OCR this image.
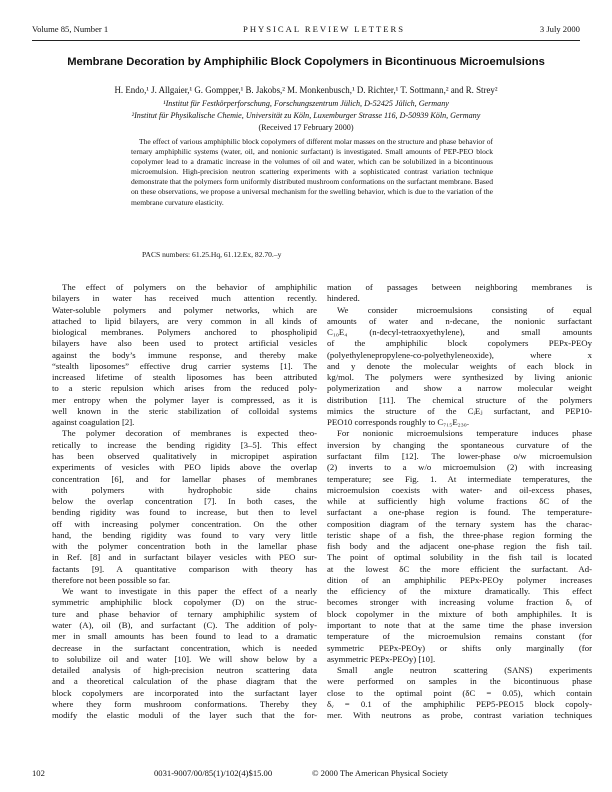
Volume 85, Number 1	PHYSICAL REVIEW LETTERS	3 July 2000
Membrane Decoration by Amphiphilic Block Copolymers in Bicontinuous Microemulsions
H. Endo,¹ J. Allgaier,¹ G. Gompper,¹ B. Jakobs,² M. Monkenbusch,¹ D. Richter,¹ T. Sottmann,² and R. Strey²
¹Institut für Festkörperforschung, Forschungszentrum Jülich, D-52425 Jülich, Germany
²Institut für Physikalische Chemie, Universität zu Köln, Luxemburger Strasse 116, D-50939 Köln, Germany
(Received 17 February 2000)
The effect of various amphiphilic block copolymers of different molar masses on the structure and phase behavior of ternary amphiphilic systems (water, oil, and nonionic surfactant) is investigated. Small amounts of PEP-PEO block copolymer lead to a dramatic increase in the volumes of oil and water, which can be solubilized in a bicontinuous microemulsion. High-precision neutron scattering experiments with a sophisticated contrast variation technique demonstrate that the polymers form uniformly distributed mushroom conformations on the surfactant membrane. Based on these observations, we propose a universal mechanism for the swelling behavior, which is due to the variation of the membrane curvature elasticity.
PACS numbers: 61.25.Hq, 61.12.Ex, 82.70.–y
The effect of polymers on the behavior of amphiphilic
bilayers in water has received much attention recently.
Water-soluble polymers and polymer networks, which are
attached to lipid bilayers, are very common in all kinds of
biological membranes. Polymers anchored to phospholipid
bilayers have also been used to protect artificial vesicles
against the body’s immune response, and thereby make
“stealth liposomes” effective drug carrier systems [1]. The
increased lifetime of stealth liposomes has been attributed
to a steric repulsion which arises from the reduced poly-
mer entropy when the polymer layer is compressed, as it is
well known in the steric stabilization of colloidal systems
against coagulation [2].
The polymer decoration of membranes is expected theo-
retically to increase the bending rigidity [3–5]. This effect
has been observed qualitatively in micropipet aspiration
experiments of vesicles with PEO lipids above the overlap
concentration [6], and for lamellar phases of membranes
with polymers with hydrophobic side chains
below the overlap concentration [7]. In both cases, the
bending rigidity was found to increase, but then to level
off with increasing polymer concentration. On the other
hand, the bending rigidity was found to vary very little
with the polymer concentration both in the lamellar phase
in Ref. [8] and in surfactant bilayer vesicles with PEO sur-
factants [9]. A quantitative comparison with theory has
therefore not been possible so far.
We want to investigate in this paper the effect of a nearly
symmetric amphiphilic block copolymer (D) on the struc-
ture and phase behavior of ternary amphiphilic system of
water (A), oil (B), and surfactant (C). The addition of poly-
mer in small amounts has been found to lead to a dramatic
decrease in the surfactant concentration, which is needed
to solubilize oil and water [10]. We will show below by a
detailed analysis of high-precision neutron scattering data
and a theoretical calculation of the phase diagram that the
block copolymers are incorporated into the surfactant layer
where they form mushroom conformations. Thereby they
modify the elastic moduli of the layer such that the for-
mation of passages between neighboring membranes is
hindered.
We consider microemulsions consisting of equal
amounts of water and n-decane, the nonionic surfactant
C₁₀E₄ (n-decyl-tetraoxyethylene), and small amounts
of the amphiphilic block copolymers PEPx-PEOy
(polyethylenepropylene-co-polyethyleneoxide), where x
and y denote the molecular weights of each block in
kg/mol. The polymers were synthesized by living anionic
polymerization and show a narrow molecular weight
distribution [11]. The chemical structure of the polymers
mimics the structure of the CᵢEⱼ surfactant, and PEP10-
PEO10 corresponds roughly to C₇₁₅E₂₃₀.
For nonionic microemulsions temperature induces phase
inversion by changing the spontaneous curvature of the
surfactant film [12]. The lower-phase o/w microemulsion
(2) inverts to a w/o microemulsion (2) with increasing
temperature; see Fig. 1. At intermediate temperatures, the
microemulsion coexists with water- and oil-excess phases,
while at sufficiently high volume fractions δC of the
surfactant a one-phase region is found. The temperature-
composition diagram of the ternary system has the charac-
teristic shape of a fish, the three-phase region forming the
fish body and the adjacent one-phase region the fish tail.
The point of optimal solubility in the fish tail is located
at the lowest δC the more efficient the surfactant. Ad-
dition of an amphiphilic PEPx-PEOy polymer increases
the efficiency of the mixture dramatically. This effect
becomes stronger with increasing volume fraction δᵥ of
block copolymer in the mixture of both amphiphiles. It is
important to note that at the same time the phase inversion
temperature of the microemulsion remains constant (for
symmetric PEPx-PEOy) or shifts only marginally (for
asymmetric PEPx-PEOy) [10].
Small angle neutron scattering (SANS) experiments
were performed on samples in the bicontinuous phase
close to the optimal point (δC = 0.05), which contain
δᵥ = 0.1 of the amphiphilic PEP5-PEO15 block copoly-
mer. With neutrons as probe, contrast variation techniques
102	0031-9007/00/85(1)/102(4)$15.00	© 2000 The American Physical Society
